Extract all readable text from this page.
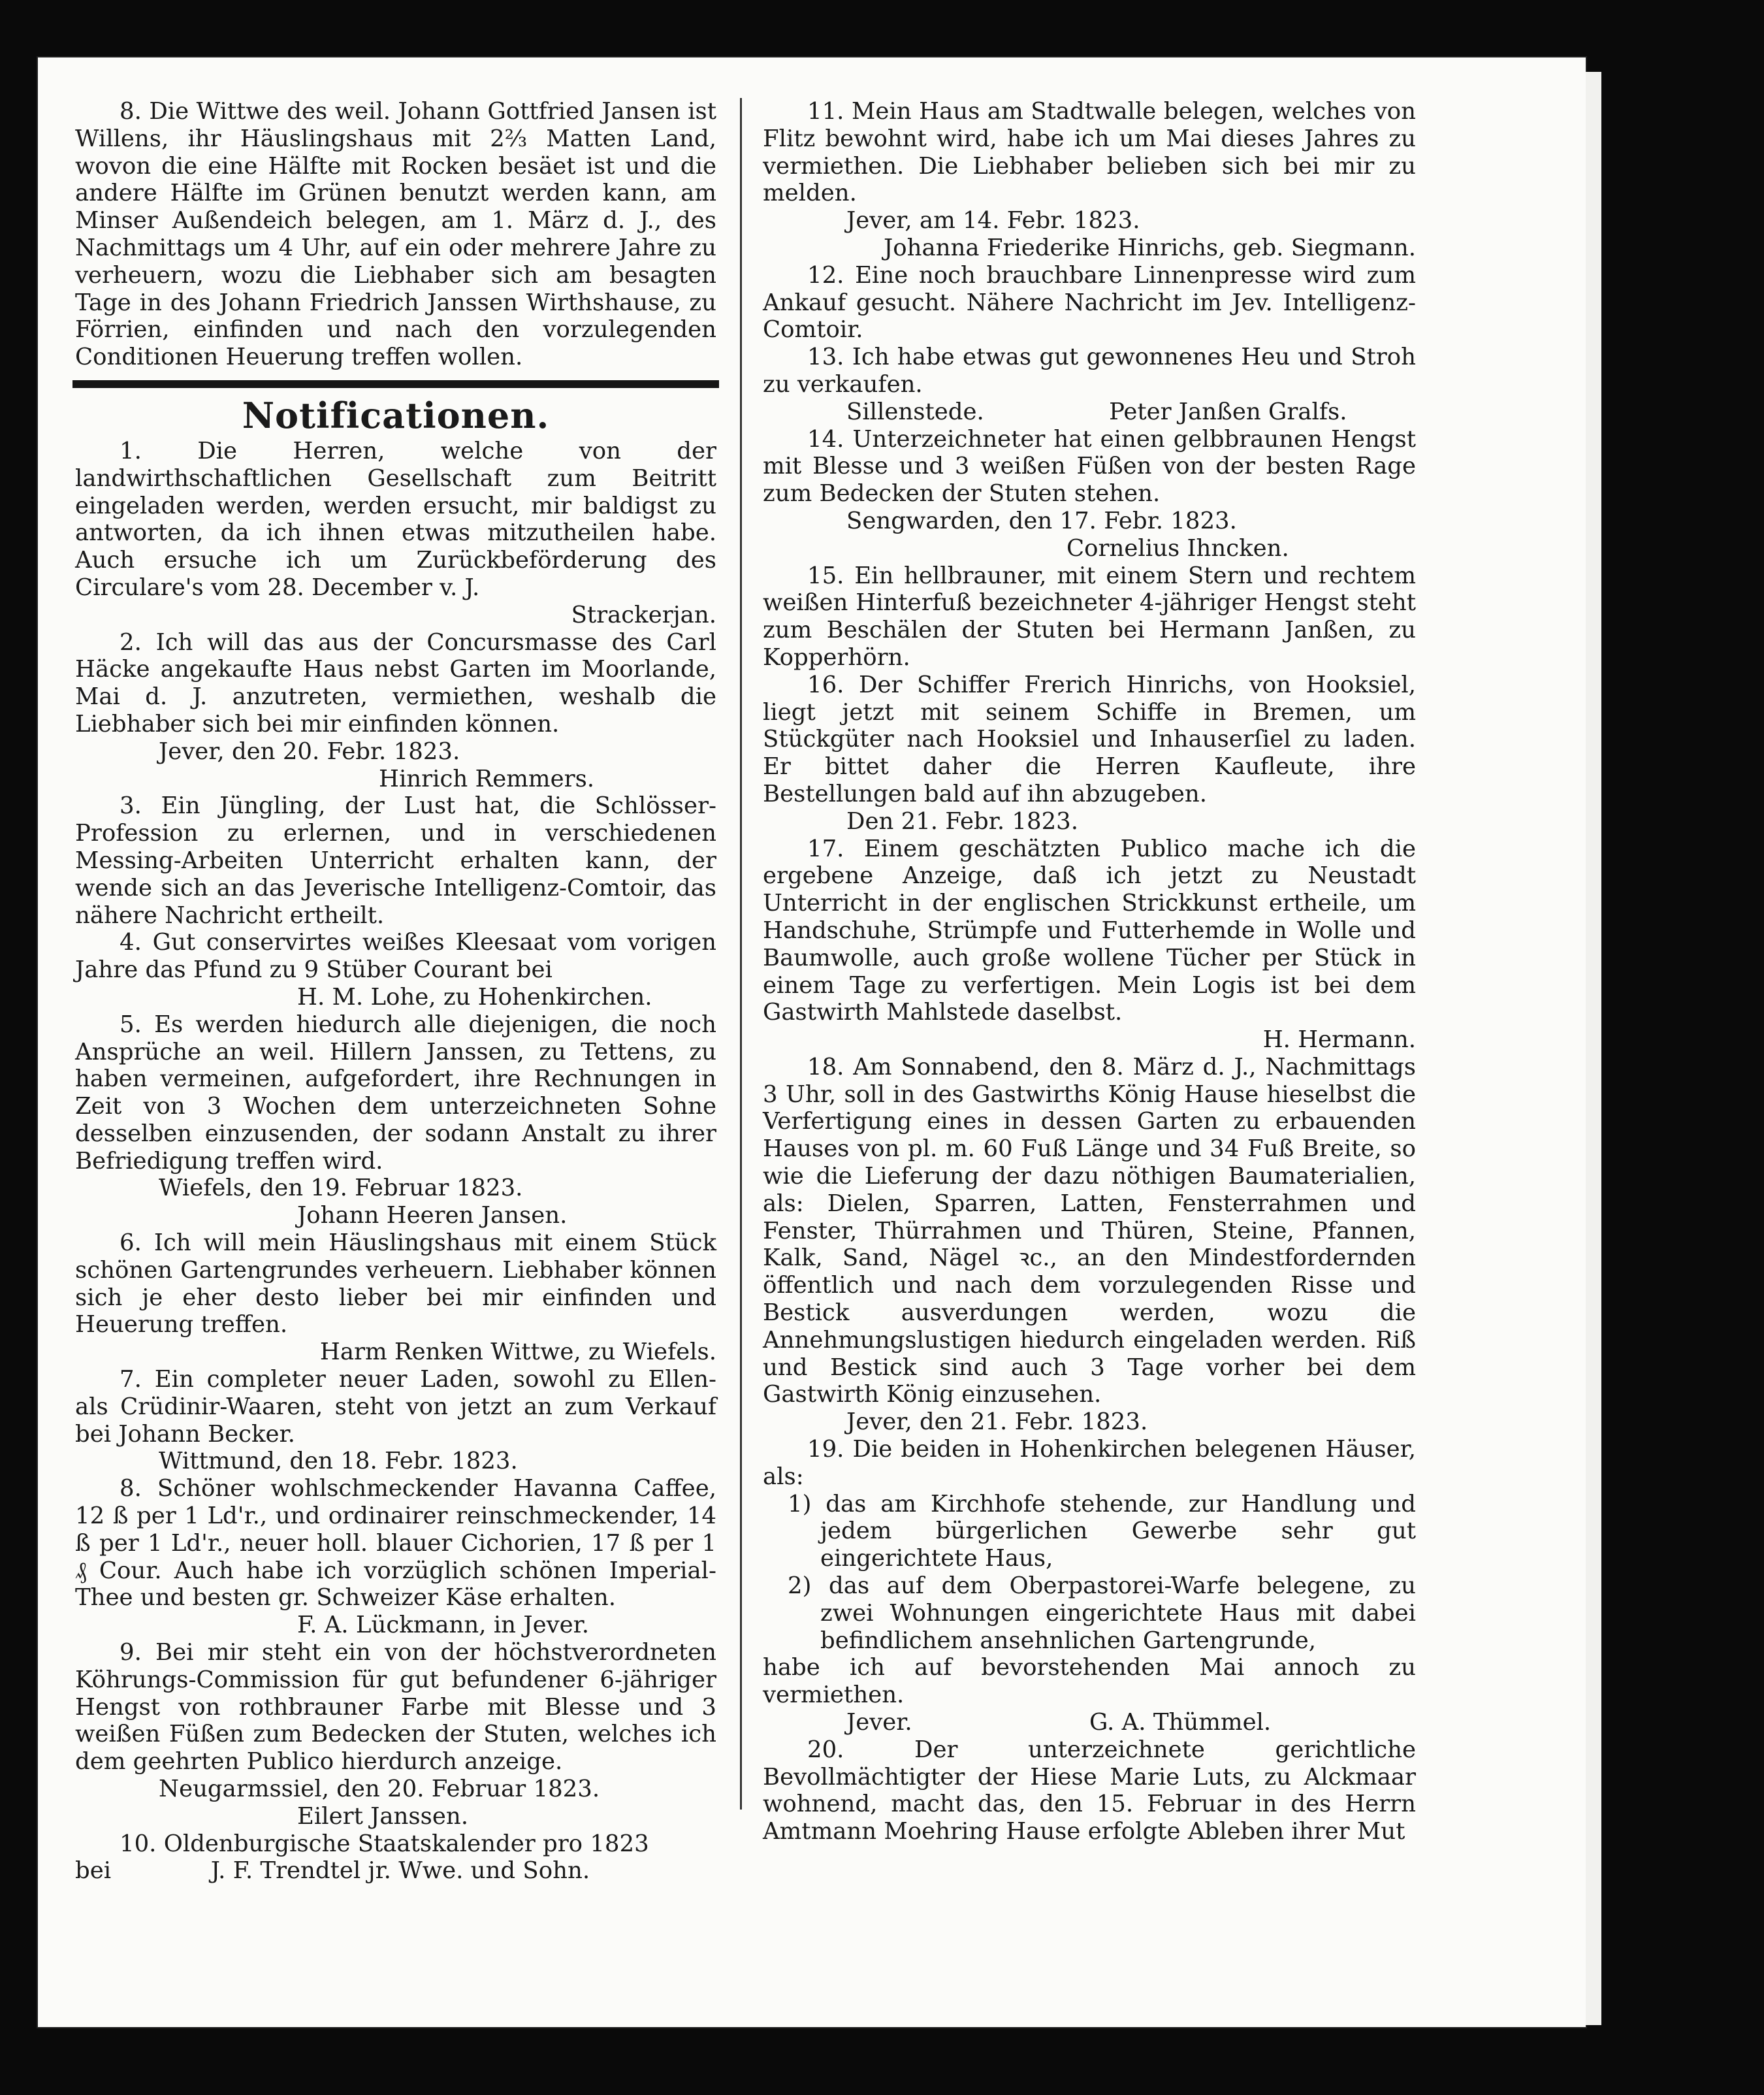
8. Die Wittwe des weil. Johann Gottfried Jansen ist Willens, ihr Häuslingshaus mit 2⅔ Matten Land, wovon die eine Hälfte mit Rocken besäet ist und die andere Hälfte im Grünen benutzt werden kann, am Minser Außendeich belegen, am 1. März d. J., des Nachmittags um 4 Uhr, auf ein oder mehrere Jahre zu verheuern, wozu die Liebhaber sich am besagten Tage in des Johann Friedrich Janssen Wirthshause, zu Förrien, einfinden und nach den vorzulegenden Conditionen Heuerung treffen wollen.

Notificationen.

1. Die Herren, welche von der landwirthschaftlichen Gesellschaft zum Beitritt eingeladen werden, werden ersucht, mir baldigst zu antworten, da ich ihnen etwas mitzutheilen habe. Auch ersuche ich um Zurückbeförderung des Circulare's vom 28. December v. J.

Strackerjan.

2. Ich will das aus der Concursmasse des Carl Häcke angekaufte Haus nebst Garten im Moorlande, Mai d. J. anzutreten, vermiethen, weshalb die Liebhaber sich bei mir einfinden können.

Jever, den 20. Febr. 1823.
Hinrich Remmers.

3. Ein Jüngling, der Lust hat, die Schlösser-Profession zu erlernen, und in verschiedenen Messing-Arbeiten Unterricht erhalten kann, der wende sich an das Jeverische Intelligenz-Comtoir, das nähere Nachricht ertheilt.

4. Gut conservirtes weißes Kleesaat vom vorigen Jahre das Pfund zu 9 Stüber Courant bei

H. M. Lohe, zu Hohenkirchen.

5. Es werden hiedurch alle diejenigen, die noch Ansprüche an weil. Hillern Janssen, zu Tettens, zu haben vermeinen, aufgefordert, ihre Rechnungen in Zeit von 3 Wochen dem unterzeichneten Sohne desselben einzusenden, der sodann Anstalt zu ihrer Befriedigung treffen wird.

Wiefels, den 19. Februar 1823.
Johann Heeren Jansen.

6. Ich will mein Häuslingshaus mit einem Stück schönen Gartengrundes verheuern. Liebhaber können sich je eher desto lieber bei mir einfinden und Heuerung treffen.

Harm Renken Wittwe, zu Wiefels.

7. Ein completer neuer Laden, sowohl zu Ellen- als Crüdinir-Waaren, steht von jetzt an zum Verkauf bei Johann Becker.

Wittmund, den 18. Febr. 1823.

8. Schöner wohlschmeckender Havanna Caffee, 12 ß per 1 Ld'r., und ordinairer reinschmeckender, 14 ß per 1 Ld'r., neuer holl. blauer Cichorien, 17 ß per 1 ₰ Cour. Auch habe ich vorzüglich schönen Imperial-Thee und besten gr. Schweizer Käse erhalten.

F. A. Lückmann, in Jever.

9. Bei mir steht ein von der höchstverordneten Köhrungs-Commission für gut befundener 6-jähriger Hengst von rothbrauner Farbe mit Blesse und 3 weißen Füßen zum Bedecken der Stuten, welches ich dem geehrten Publico hierdurch anzeige.

Neugarmssiel, den 20. Februar 1823.
Eilert Janssen.

10. Oldenburgische Staatskalender pro 1823

bei	J. F. Trendtel jr. Wwe. und Sohn.

11. Mein Haus am Stadtwalle belegen, welches von Flitz bewohnt wird, habe ich um Mai dieses Jahres zu vermiethen. Die Liebhaber belieben sich bei mir zu melden.

Jever, am 14. Febr. 1823.
Johanna Friederike Hinrichs, geb. Siegmann.

12. Eine noch brauchbare Linnenpresse wird zum Ankauf gesucht. Nähere Nachricht im Jev. Intelligenz-Comtoir.

13. Ich habe etwas gut gewonnenes Heu und Stroh zu verkaufen.

Sillenstede.	Peter Janßen Gralfs.

14. Unterzeichneter hat einen gelbbraunen Hengst mit Blesse und 3 weißen Füßen von der besten Rage zum Bedecken der Stuten stehen.

Sengwarden, den 17. Febr. 1823.
Cornelius Ihncken.

15. Ein hellbrauner, mit einem Stern und rechtem weißen Hinterfuß bezeichneter 4-jähriger Hengst steht zum Beschälen der Stuten bei Hermann Janßen, zu Kopperhörn.

16. Der Schiffer Frerich Hinrichs, von Hooksiel, liegt jetzt mit seinem Schiffe in Bremen, um Stückgüter nach Hooksiel und Inhauserſiel zu laden. Er bittet daher die Herren Kaufleute, ihre Bestellungen bald auf ihn abzugeben.

Den 21. Febr. 1823.

17. Einem geschätzten Publico mache ich die ergebene Anzeige, daß ich jetzt zu Neustadt Unterricht in der englischen Strickkunst ertheile, um Handschuhe, Strümpfe und Futterhemde in Wolle und Baumwolle, auch große wollene Tücher per Stück in einem Tage zu verfertigen. Mein Logis ist bei dem Gastwirth Mahlstede daselbst.

H. Hermann.

18. Am Sonnabend, den 8. März d. J., Nachmittags 3 Uhr, soll in des Gastwirths König Hause hieselbst die Verfertigung eines in dessen Garten zu erbauenden Hauses von pl. m. 60 Fuß Länge und 34 Fuß Breite, so wie die Lieferung der dazu nöthigen Baumaterialien, als: Dielen, Sparren, Latten, Fensterrahmen und Fenster, Thürrahmen und Thüren, Steine, Pfannen, Kalk, Sand, Nägel ꝛc., an den Mindestfordernden öffentlich und nach dem vorzulegenden Risse und Bestick ausverdungen werden, wozu die Annehmungslustigen hiedurch eingeladen werden. Riß und Bestick sind auch 3 Tage vorher bei dem Gastwirth König einzusehen.

Jever, den 21. Febr. 1823.

19. Die beiden in Hohenkirchen belegenen Häuser, als:

1) das am Kirchhofe stehende, zur Handlung und jedem bürgerlichen Gewerbe sehr gut eingerichtete Haus,
2) das auf dem Oberpastorei-Warfe belegene, zu zwei Wohnungen eingerichtete Haus mit dabei befindlichem ansehnlichen Gartengrunde,

habe ich auf bevorstehenden Mai annoch zu vermiethen.

Jever.	G. A. Thümmel.

20. Der unterzeichnete gerichtliche Bevollmächtigter der Hiese Marie Luts, zu Alckmaar wohnend, macht das, den 15. Februar in des Herrn Amtmann Moehring Hause erfolgte Ableben ihrer Mut
